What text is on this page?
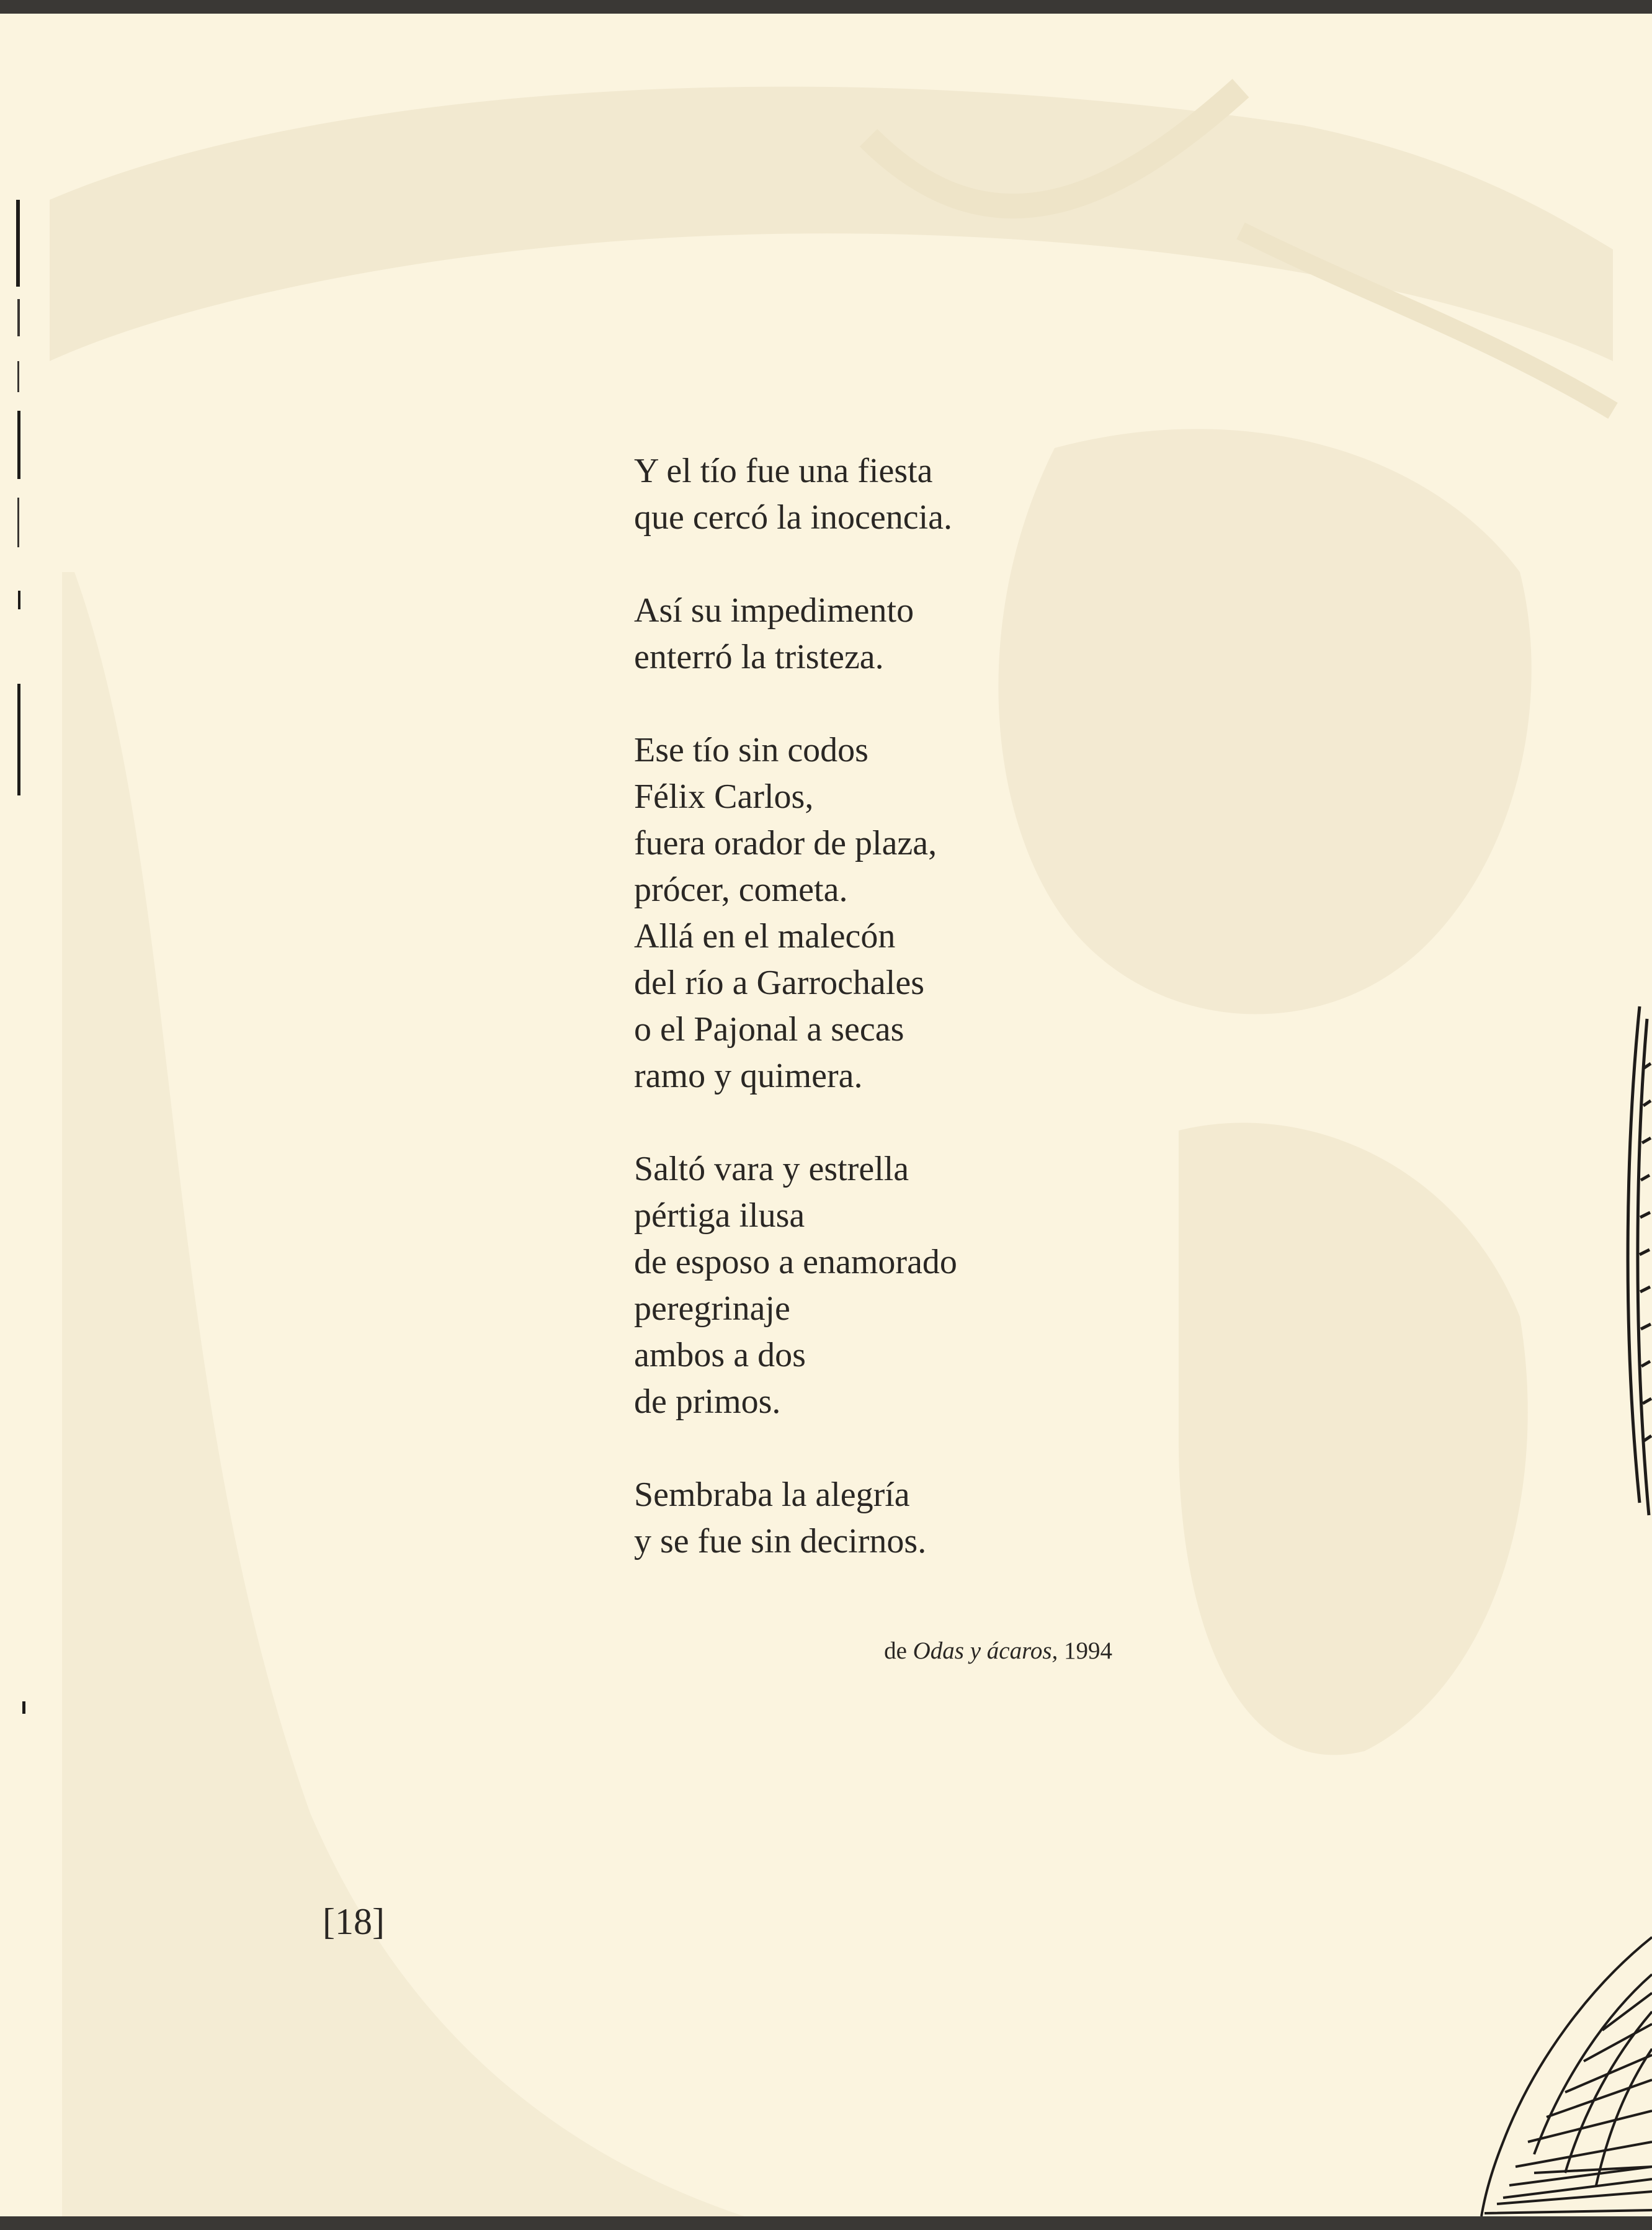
Y el tío fue una fiesta
que cercó la inocencia.
Así su impedimento
enterró la tristeza.
Ese tío sin codos
Félix Carlos,
fuera orador de plaza,
prócer, cometa.
Allá en el malecón
del río a Garrochales
o el Pajonal a secas
ramo y quimera.
Saltó vara y estrella
pértiga ilusa
de esposo a enamorado
peregrinaje
ambos a dos
de primos.
Sembraba la alegría
y se fue sin decirnos.
de Odas y ácaros, 1994
[18]
